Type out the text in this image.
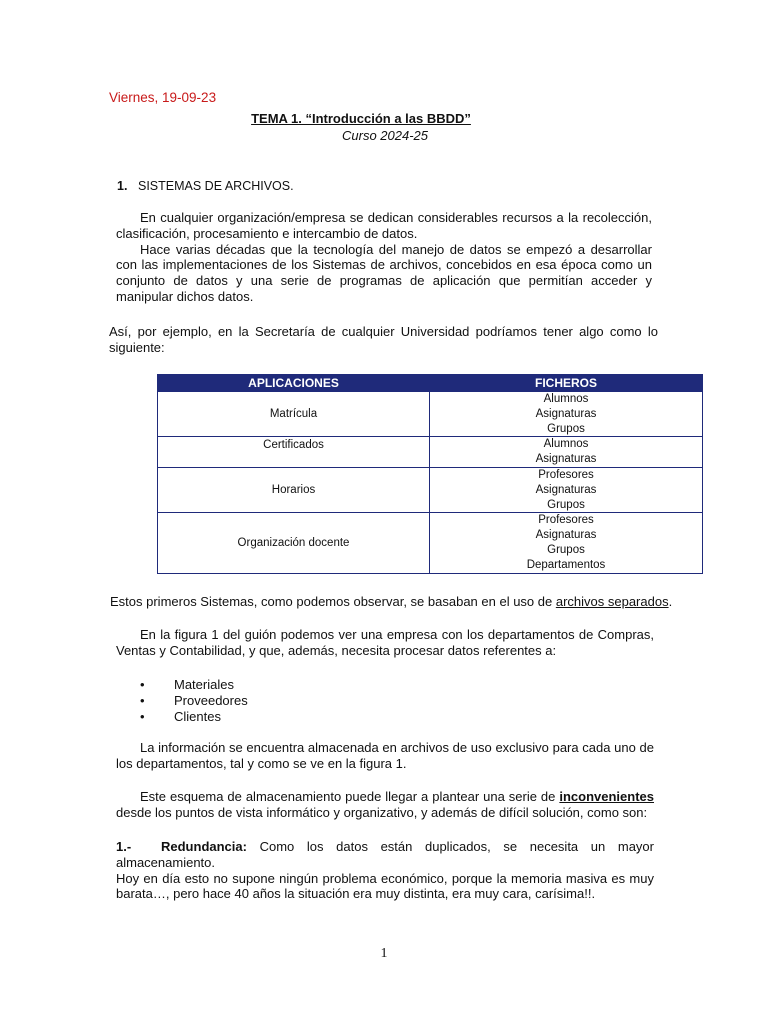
Viernes, 19-09-23
TEMA 1. “Introducción a las BBDD”
Curso 2024-25
1. SISTEMAS DE ARCHIVOS.
En cualquier organización/empresa se dedican considerables recursos a la recolección, clasificación, procesamiento e intercambio de datos.
Hace varias décadas que la tecnología del manejo de datos se empezó a desarrollar con las implementaciones de los Sistemas de archivos, concebidos en esa época como un conjunto de datos y una serie de programas de aplicación que permitían acceder y manipular dichos datos.
Así, por ejemplo, en la Secretaría de cualquier Universidad podríamos tener algo como lo siguiente:
APLICACIONES	FICHEROS
Matrícula	Alumnos
Asignaturas
Grupos

Certificados	Alumnos
Asignaturas

Horarios	Profesores
Asignaturas
Grupos

Organización docente	Profesores
Asignaturas
Grupos
Departamentos
Estos primeros Sistemas, como podemos observar, se basaban en el uso de archivos separados.
En la figura 1 del guión podemos ver una empresa con los departamentos de Compras, Ventas y Contabilidad, y que, además, necesita procesar datos referentes a:
• Materiales
• Proveedores
• Clientes
La información se encuentra almacenada en archivos de uso exclusivo para cada uno de los departamentos, tal y como se ve en la figura 1.
Este esquema de almacenamiento puede llegar a plantear una serie de inconvenientes desde los puntos de vista informático y organizativo, y además de difícil solución, como son:
1.- Redundancia: Como los datos están duplicados, se necesita un mayor almacenamiento.
Hoy en día esto no supone ningún problema económico, porque la memoria masiva es muy barata…, pero hace 40 años la situación era muy distinta, era muy cara, carísima!!.
1
